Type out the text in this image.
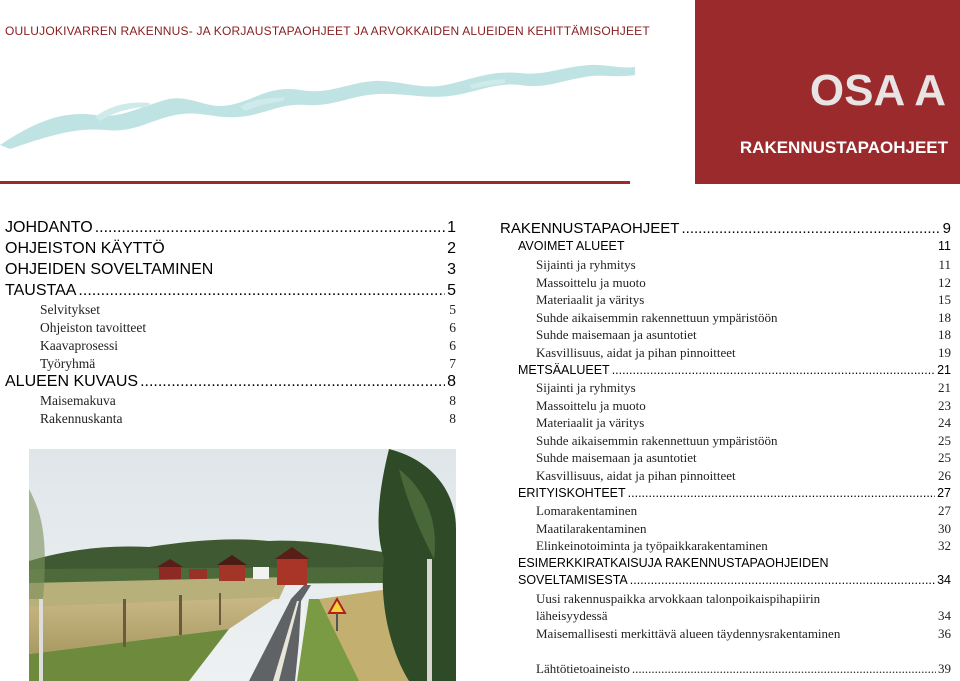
OULUJOKIVARREN RAKENNUS- JA KORJAUSTAPAOHJEET JA ARVOKKAIDEN ALUEIDEN KEHITTÄMISOHJEET
OSA A
RAKENNUSTAPAOHJEET
JOHDANTO .....	1
OHJEISTON KÄYTTÖ	2
OHJEIDEN SOVELTAMINEN	3
TAUSTAA .....	5
Selvitykset	5
Ohjeiston tavoitteet	6
Kaavaprosessi	6
Työryhmä	7
ALUEEN KUVAUS .....	8
Maisemakuva	8
Rakennuskanta	8
RAKENNUSTAPAOHJEET .....	9
AVOIMET ALUEET	11
Sijainti ja ryhmitys	11
Massoittelu ja muoto	12
Materiaalit ja väritys	15
Suhde aikaisemmin rakennettuun ympäristöön	18
Suhde maisemaan ja asuntotiet	18
Kasvillisuus, aidat ja pihan pinnoitteet	19
METSÄALUEET .....	21
Sijainti ja ryhmitys	21
Massoittelu ja muoto	23
Materiaalit ja väritys	24
Suhde aikaisemmin rakennettuun ympäristöön	25
Suhde maisemaan ja asuntotiet	25
Kasvillisuus, aidat ja pihan pinnoitteet	26
ERITYISKOHTEET .....	27
Lomarakentaminen	27
Maatilarakentaminen	30
Elinkeinotoiminta ja työpaikkarakentaminen	32
ESIMERKKIRATKAISUJA RAKENNUSTAPAOHJEIDEN
SOVELTAMISESTA .....	34
Uusi rakennuspaikka arvokkaan talonpoikaispihapiirin
läheisyydessä	34
Maisemallisesti merkittävä alueen täydennysrakentaminen	36
Lähtötietoaineisto .....	39
